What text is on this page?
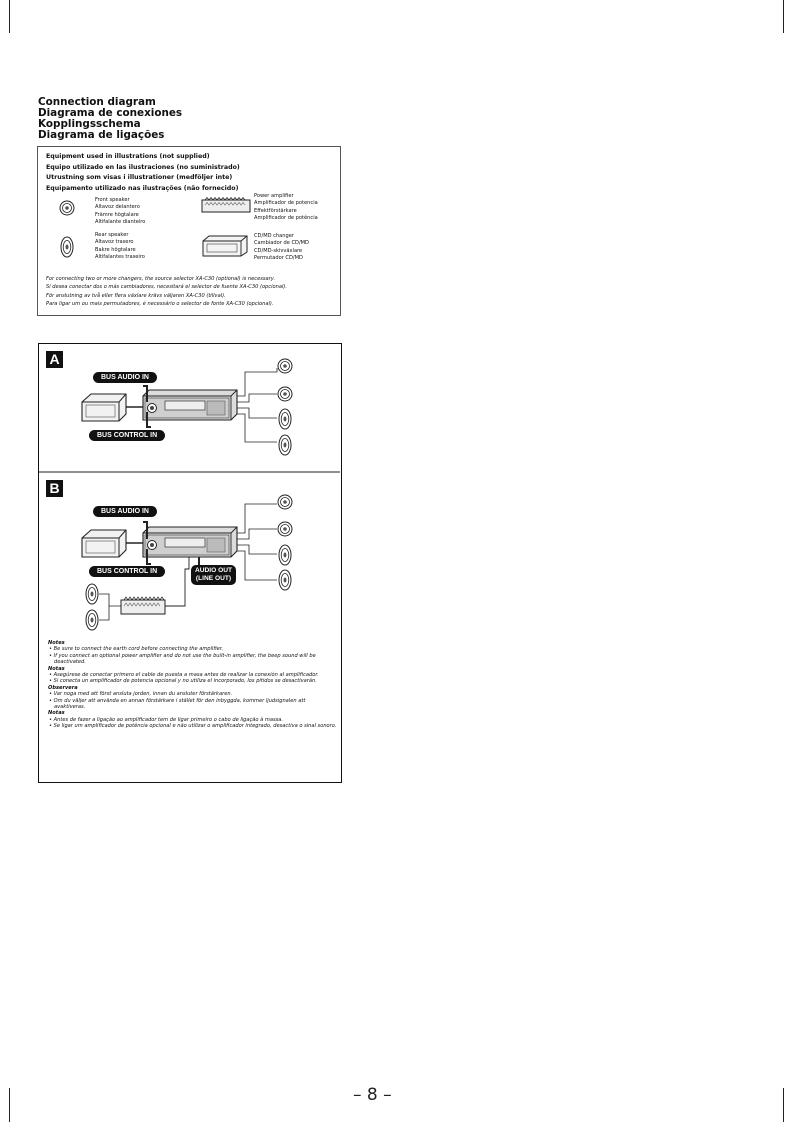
Connection diagram
Diagrama de conexiones
Kopplingsschema
Diagrama de ligações
Equipment used in illustrations (not supplied)
Equipo utilizado en las ilustraciones (no suministrado)
Utrustning som visas i illustrationer (medföljer inte)
Equipamento utilizado nas ilustrações (não fornecido)
Front speaker
Altavoz delantero
Främre högtalare
Altifalante dianteiro
Rear speaker
Altavoz trasero
Bakre högtalare
Altifalantes traseiro
Power amplifier
Amplificador de potencia
Effektförstärkare
Amplificador de potência
CD/MD changer
Cambiador de CD/MD
CD/MD-skivväxlare
Permutador CD/MD
For connecting two or more changers, the source selector XA-C30 (optional) is necessary.
Si desea conectar dos o más cambiadores, necesitará el selector de fuente XA-C30 (opcional).
För anslutning av två eller flera växlare krävs väljaren XA-C30 (tillval).
Para ligar um ou mais permutadores, é necessário o selector de fonte XA-C30 (opcional).
A
BUS AUDIO IN
BUS CONTROL IN
B
BUS AUDIO IN
BUS CONTROL IN	AUDIO OUT
(LINE OUT)
Notes
• Be sure to connect the earth cord before connecting the amplifier.
• If you connect an optional power amplifier and do not use the built-in amplifier, the beep sound will be deactivated.
Notas
• Asegúrese de conectar primero el cable de puesta a masa antes de realizar la conexión al amplificador.
• Si conecta un amplificador de potencia opcional y no utiliza el incorporado, los pitidos se desactivarán.
Observera
• Var noga med att först ansluta jorden, innan du ansluter förstärkaren.
• Om du väljer att använda en annan förstärkare i stället för den inbyggda, kommer ljudsignalen att avaktiveras.
Notas
• Antes de fazer a ligação ao amplificador tem de ligar primeiro o cabo de ligação à massa.
• Se ligar um amplificador de potência opcional e não utilizar o amplificador integrado, desactiva o sinal sonoro.
– 8 –
